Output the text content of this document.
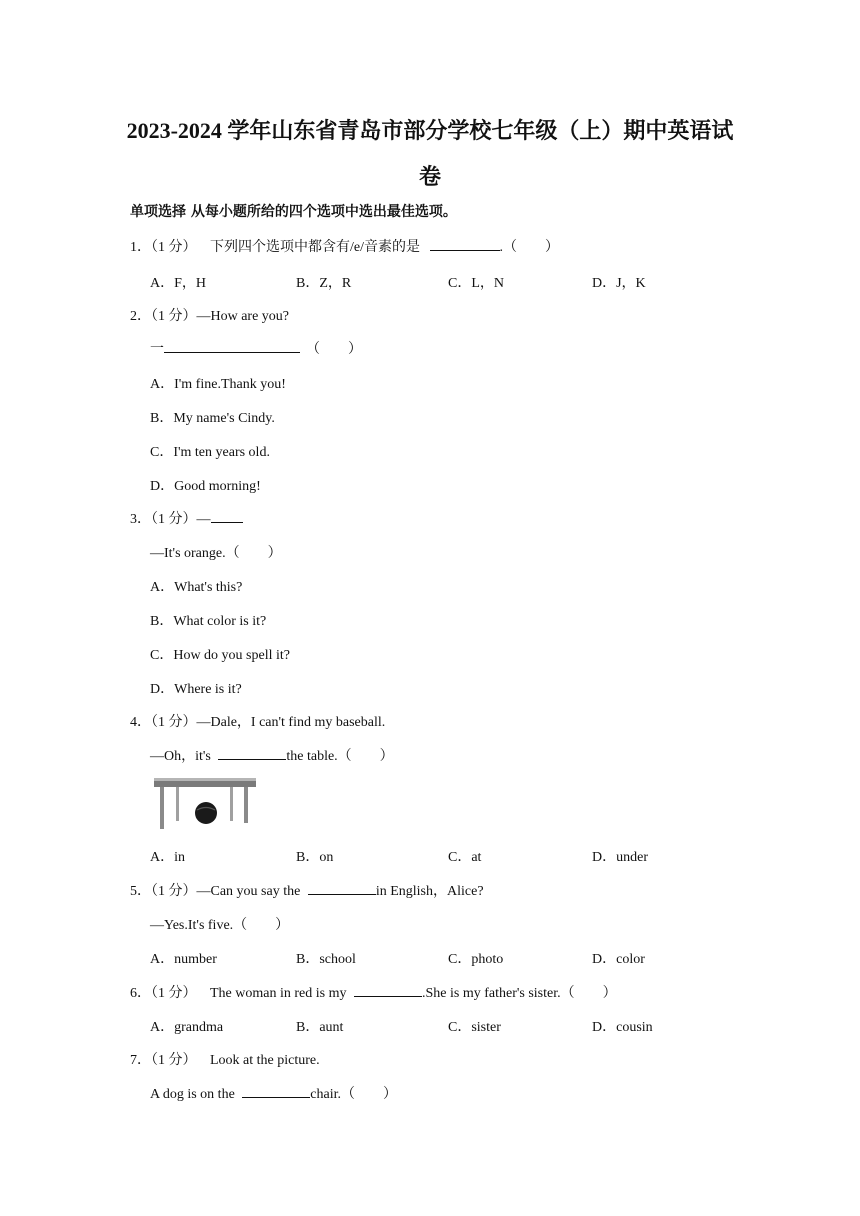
2023-2024 学年山东省青岛市部分学校七年级（上）期中英语试
卷
单项选择 从每小题所给的四个选项中选出最佳选项。
1．（1 分） 下列四个选项中都含有/e/音素的是	.（　　）
A．F，H	B．Z，R	C．L，N	D．J，K
2．（1 分）—How are you?
一	（　　）
A．I'm fine.Thank you!
B．My name's Cindy.
C．I'm ten years old.
D．Good morning!
3．（1 分）—
—It's orange.（　　）
A．What's this?
B．What color is it?
C．How do you spell it?
D．Where is it?
4．（1 分）—Dale，I can't find my baseball.
—Oh，it's	the table.（　　）
A．in	B．on	C．at	D．under
5．（1 分）—Can you say the	in English，Alice?
—Yes.It's five.（　　）
A．number	B．school	C．photo	D．color
6．（1 分） The woman in red is my	.She is my father's sister.（　　）
A．grandma	B．aunt	C．sister	D．cousin
7．（1 分） Look at the picture.
A dog is on the	chair.（　　）
